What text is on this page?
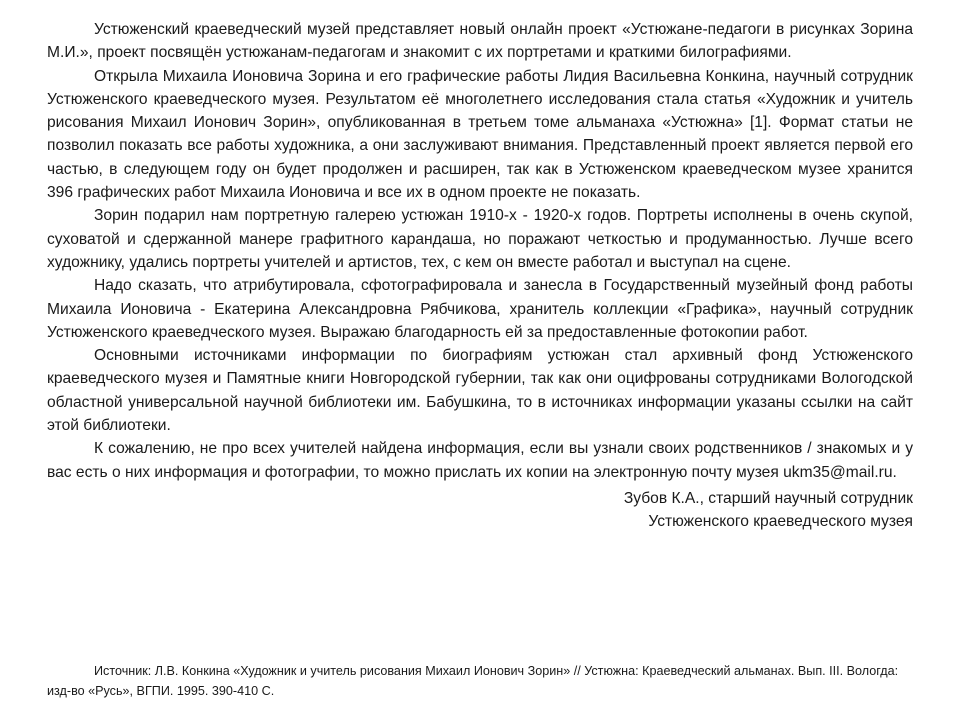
Устюженский краеведческий музей представляет новый онлайн проект «Устюжане-педагоги в рисунках Зорина М.И.», проект посвящён устюжанам-педагогам и знакомит с их портретами и краткими билографиями.

Открыла Михаила Ионовича Зорина и его графические работы Лидия Васильевна Конкина, научный сотрудник Устюженского краеведческого музея. Результатом её многолетнего исследования стала статья «Художник и учитель рисования Михаил Ионович Зорин», опубликованная в третьем томе альманаха «Устюжна» [1]. Формат статьи не позволил показать все работы художника, а они заслуживают внимания. Представленный проект является первой его частью, в следующем году он будет продолжен и расширен, так как в Устюженском краеведческом музее хранится 396 графических работ Михаила Ионовича и все их в одном проекте не показать.

Зорин подарил нам портретную галерею устюжан 1910-х - 1920-х годов. Портреты исполнены в очень скупой, суховатой и сдержанной манере графитного карандаша, но поражают четкостью и продуманностью. Лучше всего художнику, удались портреты учителей и артистов, тех, с кем он вместе работал и выступал на сцене.

Надо сказать, что атрибутировала, сфотографировала и занесла в Государственный музейный фонд работы Михаила Ионовича - Екатерина Александровна Рябчикова, хранитель коллекции «Графика», научный сотрудник Устюженского краеведческого музея. Выражаю благодарность ей за предоставленные фотокопии работ.

Основными источниками информации по биографиям устюжан стал архивный фонд Устюженского краеведческого музея и Памятные книги Новгородской губернии, так как они оцифрованы сотрудниками Вологодской областной универсальной научной библиотеки им. Бабушкина, то в источниках информации указаны ссылки на сайт этой библиотеки.

К сожалению, не про всех учителей найдена информация, если вы узнали своих родственников / знакомых и у вас есть о них информация и фотографии, то можно прислать их копии на электронную почту музея ukm35@mail.ru.

Зубов К.А., старший научный сотрудник
Устюженского краеведческого музея
Источник: Л.В. Конкина «Художник и учитель рисования Михаил Ионович Зорин» // Устюжна: Краеведческий альманах. Вып. III. Вологда: изд-во «Русь», ВГПИ. 1995. 390-410 С.
